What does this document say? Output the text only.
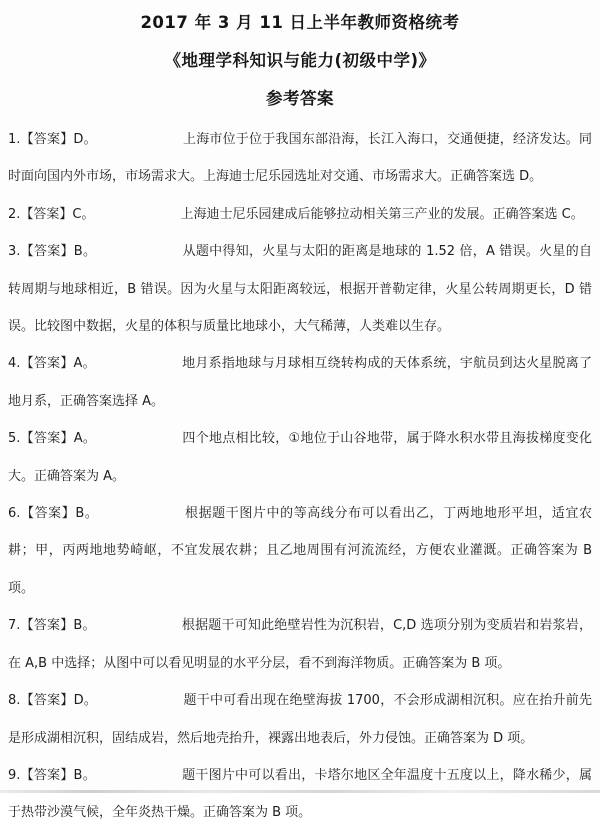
2017 年 3 月 11 日上半年教师资格统考
《地理学科知识与能力(初级中学)》
参考答案

1.【答案】D。	上海市位于位于我国东部沿海，长江入海口，交通便捷，经济发达。同时面向国内外市场，市场需求大。上海迪士尼乐园选址对交通、市场需求大。正确答案选 D。

2.【答案】C。	上海迪士尼乐园建成后能够拉动相关第三产业的发展。正确答案选 C。

3.【答案】B。	从题中得知，火星与太阳的距离是地球的 1.52 倍，A 错误。火星的自转周期与地球相近，B 错误。因为火星与太阳距离较远，根据开普勒定律，火星公转周期更长，D 错误。比较图中数据，火星的体积与质量比地球小，大气稀薄，人类难以生存。

4.【答案】A。	地月系指地球与月球相互绕转构成的天体系统，宇航员到达火星脱离了地月系，正确答案选择 A。

5.【答案】A。	四个地点相比较，①地位于山谷地带，属于降水积水带且海拔梯度变化大。正确答案为 A。

6.【答案】B。	根据题干图片中的等高线分布可以看出乙，丁两地地形平坦，适宜农耕；甲，丙两地地势崎岖，不宜发展农耕；且乙地周围有河流流经，方便农业灌溉。正确答案为 B 项。

7.【答案】B。	根据题干可知此绝壁岩性为沉积岩，C,D 选项分别为变质岩和岩浆岩，在 A,B 中选择；从图中可以看见明显的水平分层，看不到海洋物质。正确答案为 B 项。

8.【答案】D。	题干中可看出现在绝壁海拔 1700，不会形成湖相沉积。应在抬升前先是形成湖相沉积，固结成岩，然后地壳抬升，裸露出地表后，外力侵蚀。正确答案为 D 项。

9.【答案】B。	题干图片中可以看出，卡塔尔地区全年温度十五度以上，降水稀少，属于热带沙漠气候，全年炎热干燥。正确答案为 B 项。
